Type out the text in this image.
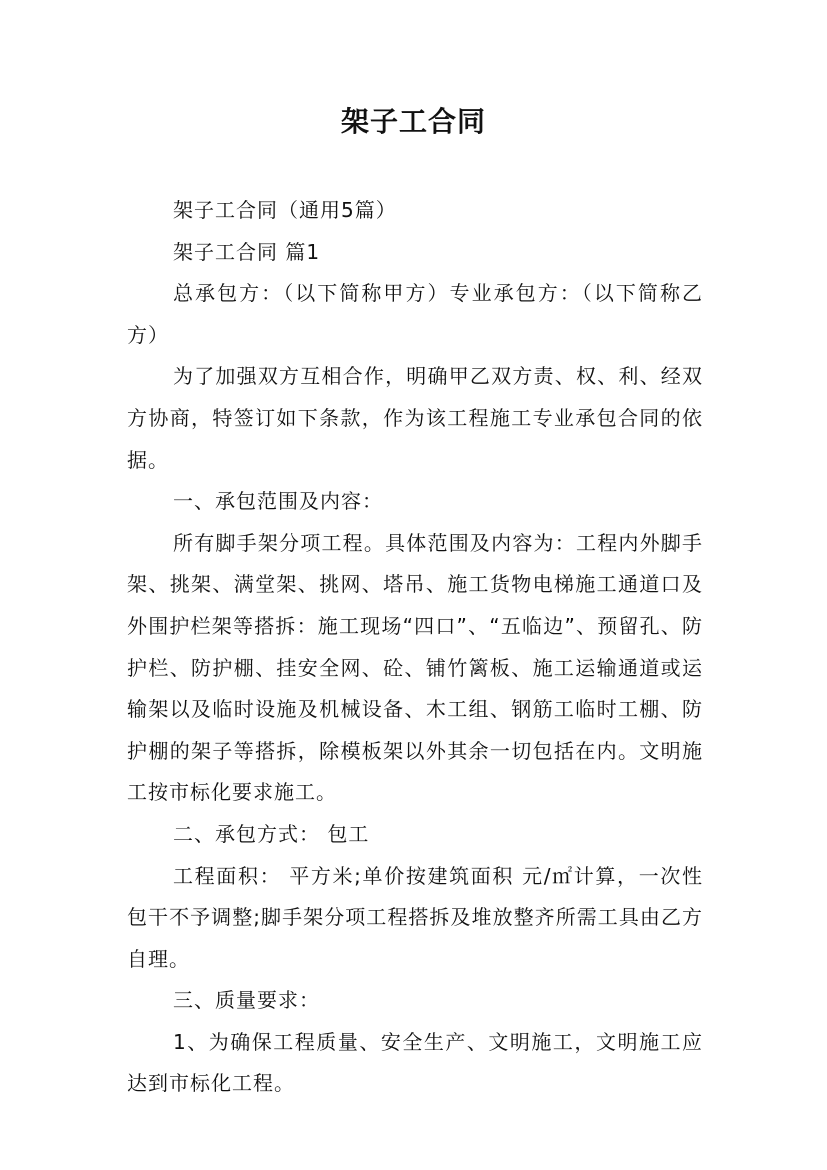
架子工合同

架子工合同（通用5篇）

架子工合同 篇1

总承包方：（以下简称甲方）专业承包方：（以下简称乙方）

为了加强双方互相合作，明确甲乙双方责、权、利、经双方协商，特签订如下条款，作为该工程施工专业承包合同的依据。

一、承包范围及内容：

所有脚手架分项工程。具体范围及内容为：工程内外脚手架、挑架、满堂架、挑网、塔吊、施工货物电梯施工通道口及外围护栏架等搭拆：施工现场“四口”、“五临边”、预留孔、防护栏、防护棚、挂安全网、砼、铺竹篱板、施工运输通道或运输架以及临时设施及机械设备、木工组、钢筋工临时工棚、防护棚的架子等搭拆，除模板架以外其余一切包括在内。文明施工按市标化要求施工。

二、承包方式： 包工

工程面积： 平方米;单价按建筑面积 元/㎡计算，一次性包干不予调整;脚手架分项工程搭拆及堆放整齐所需工具由乙方自理。

三、质量要求：

1、为确保工程质量、安全生产、文明施工，文明施工应达到市标化工程。
